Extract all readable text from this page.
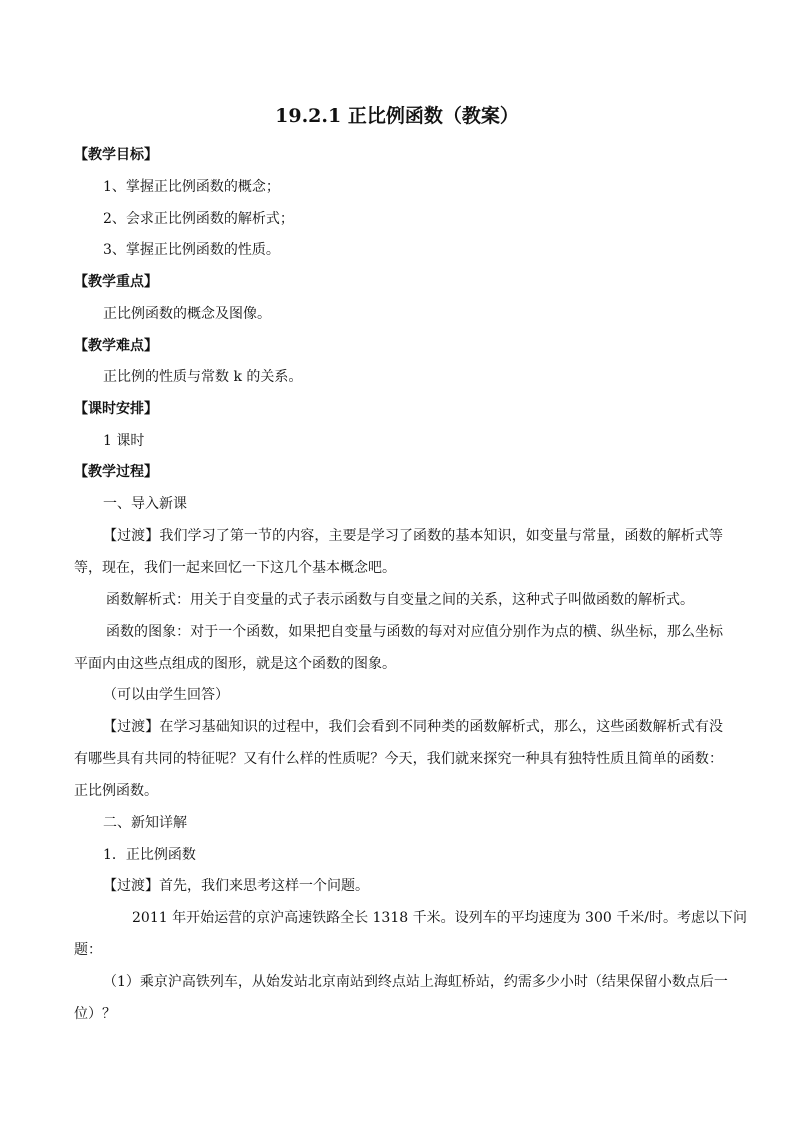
19.2.1 正比例函数（教案）
【教学目标】
1、掌握正比例函数的概念；
2、会求正比例函数的解析式；
3、掌握正比例函数的性质。
【教学重点】
正比例函数的概念及图像。
【教学难点】
正比例的性质与常数 k 的关系。
【课时安排】
1 课时
【教学过程】
一、导入新课
【过渡】我们学习了第一节的内容，主要是学习了函数的基本知识，如变量与常量，函数的解析式等
等，现在，我们一起来回忆一下这几个基本概念吧。
函数解析式：用关于自变量的式子表示函数与自变量之间的关系，这种式子叫做函数的解析式。
函数的图象：对于一个函数，如果把自变量与函数的每对对应值分别作为点的横、纵坐标，那么坐标
平面内由这些点组成的图形，就是这个函数的图象。
（可以由学生回答）
【过渡】在学习基础知识的过程中，我们会看到不同种类的函数解析式，那么，这些函数解析式有没
有哪些具有共同的特征呢？又有什么样的性质呢？今天，我们就来探究一种具有独特性质且简单的函数：
正比例函数。
二、新知详解
1．正比例函数
【过渡】首先，我们来思考这样一个问题。
2011 年开始运营的京沪高速铁路全长 1318 千米。设列车的平均速度为 300 千米/时。考虑以下问
题：
（1）乘京沪高铁列车，从始发站北京南站到终点站上海虹桥站，约需多少小时（结果保留小数点后一
位）？
